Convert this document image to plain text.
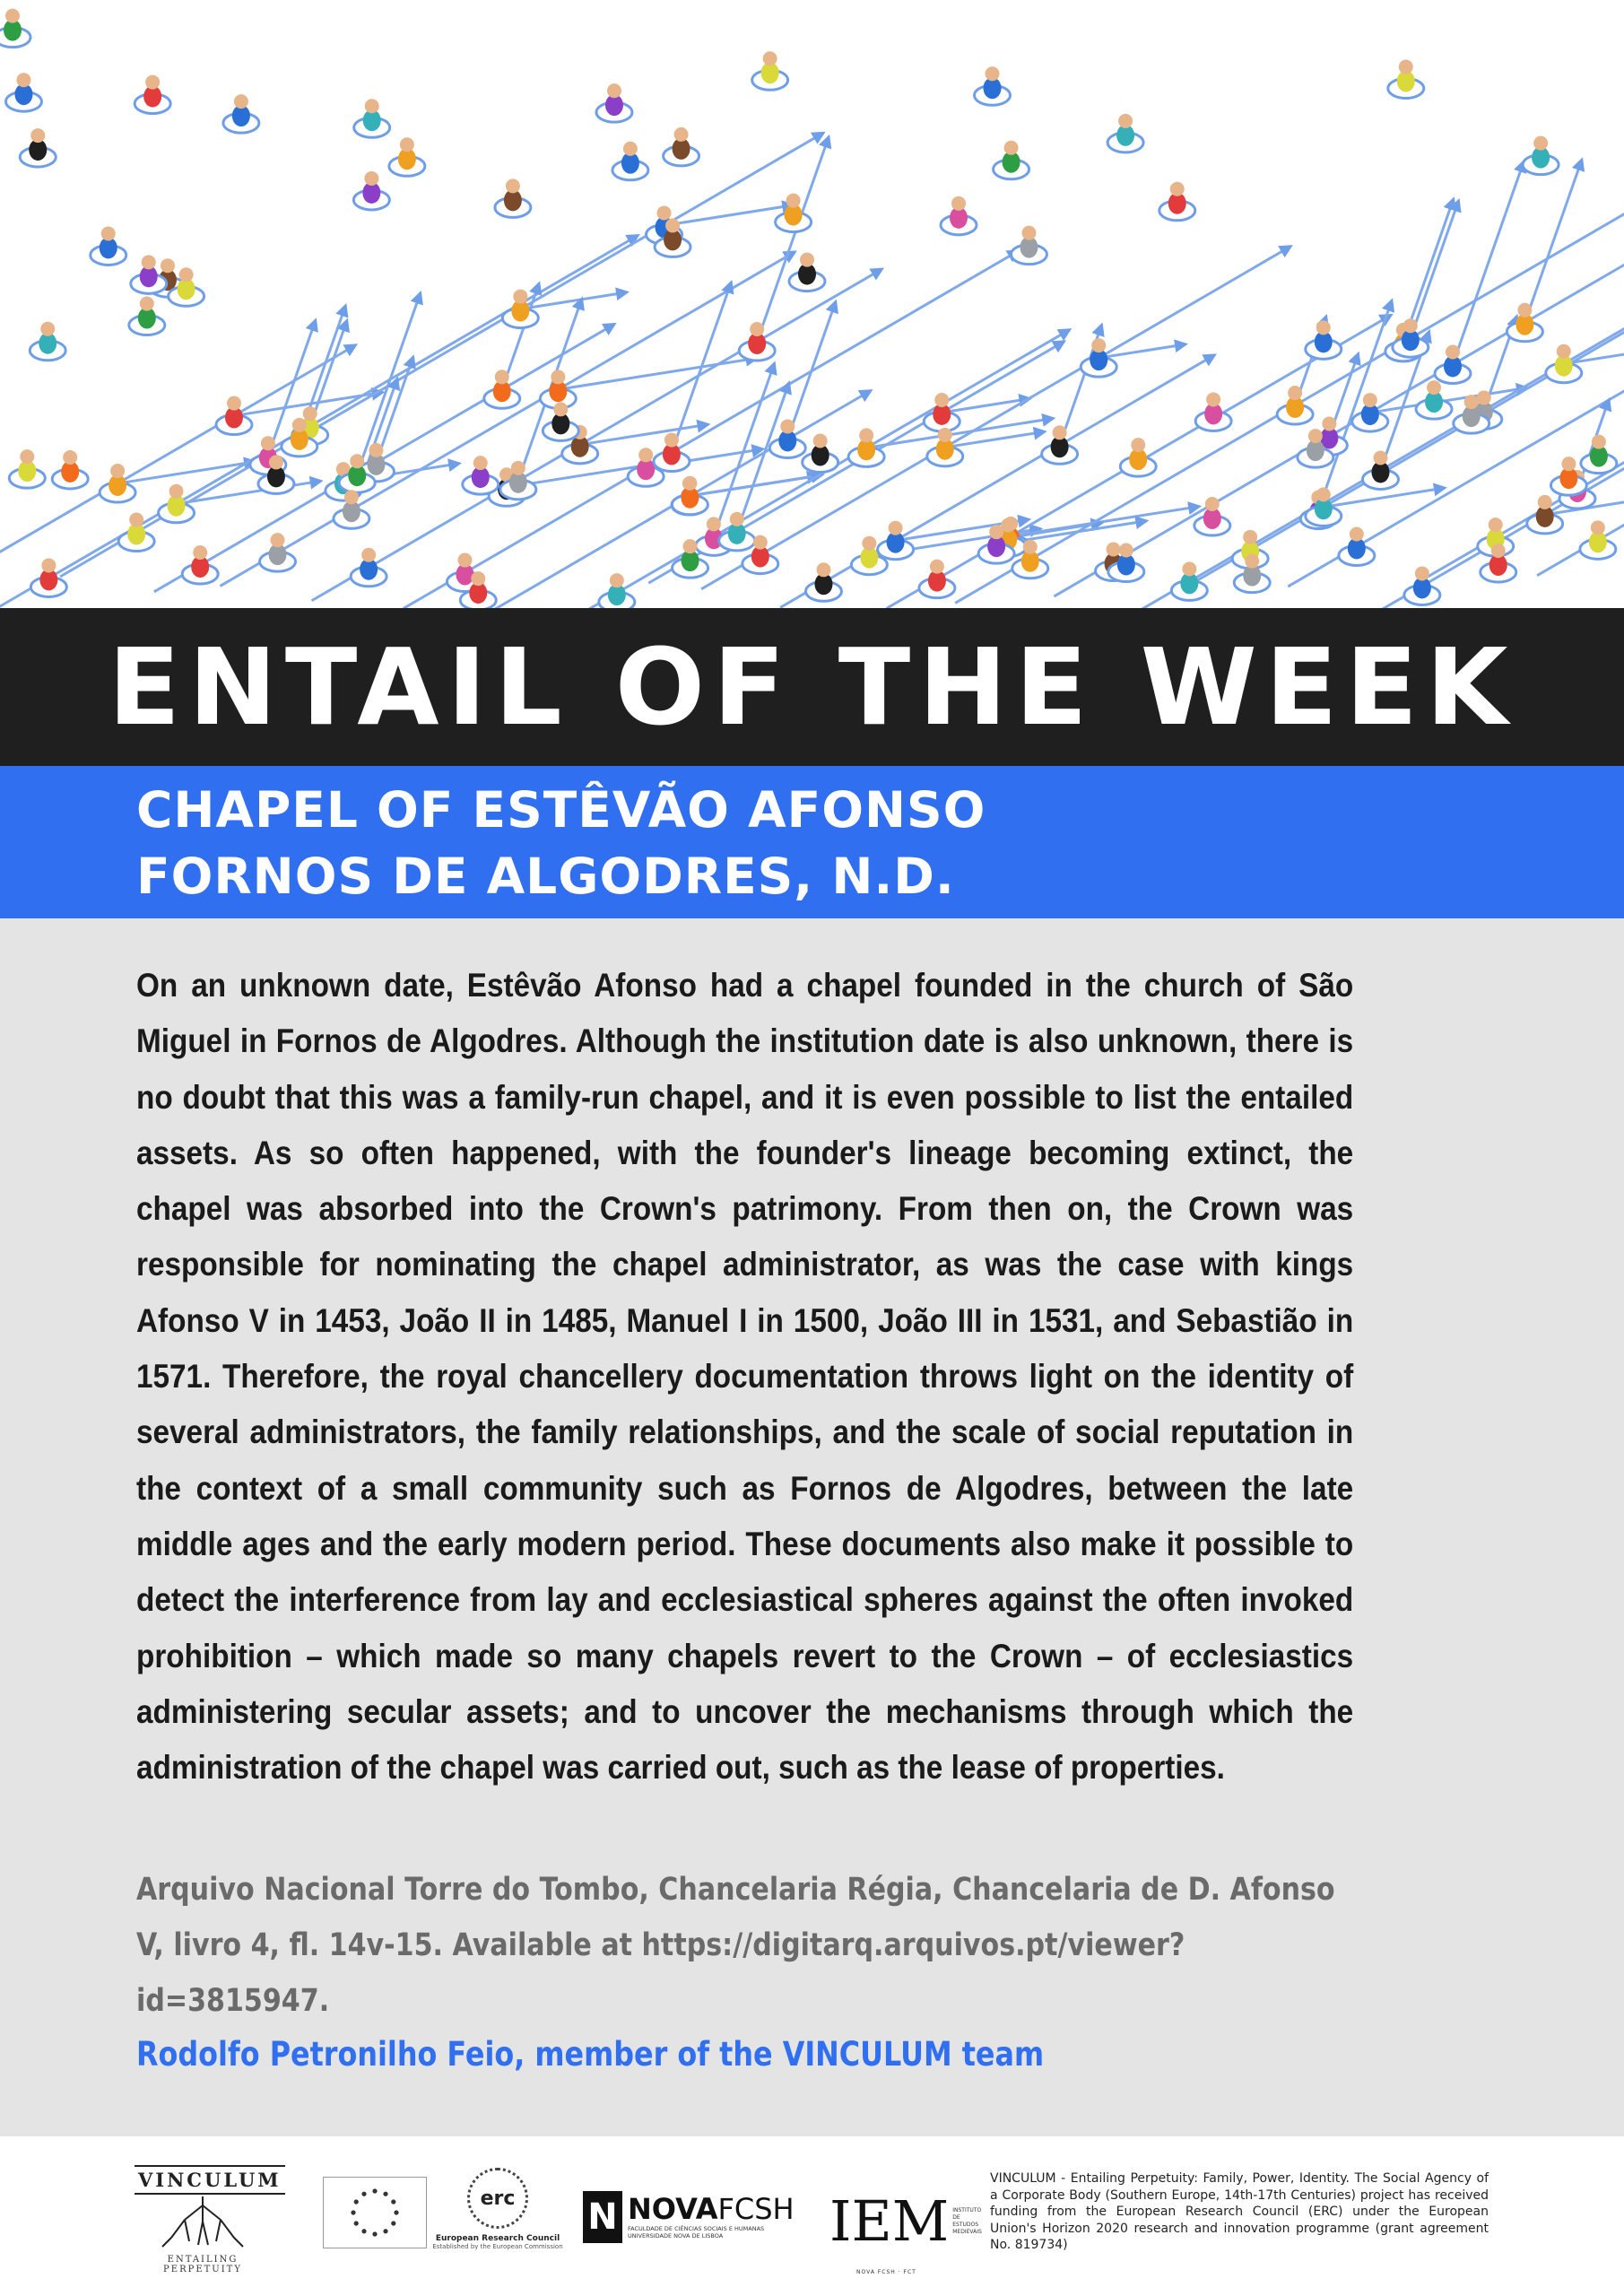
ENTAIL OF THE WEEK
CHAPEL OF ESTÊVÃO AFONSO
FORNOS DE ALGODRES, N.D.

On an unknown date, Estêvão Afonso had a chapel founded in the church of São Miguel in Fornos de Algodres. Although the institution date is also unknown, there is no doubt that this was a family-run chapel, and it is even possible to list the entailed assets. As so often happened, with the founder's lineage becoming extinct, the chapel was absorbed into the Crown's patrimony. From then on, the Crown was responsible for nominating the chapel administrator, as was the case with kings Afonso V in 1453, João II in 1485, Manuel I in 1500, João III in 1531, and Sebastião in 1571. Therefore, the royal chancellery documentation throws light on the identity of several administrators, the family relationships, and the scale of social reputation in the context of a small community such as Fornos de Algodres, between the late middle ages and the early modern period. These documents also make it possible to detect the interference from lay and ecclesiastical spheres against the often invoked prohibition – which made so many chapels revert to the Crown – of ecclesiastics administering secular assets; and to uncover the mechanisms through which the administration of the chapel was carried out, such as the lease of properties.

Arquivo Nacional Torre do Tombo, Chancelaria Régia, Chancelaria de D. Afonso V, livro 4, fl. 14v-15. Available at https://digitarq.arquivos.pt/viewer?id=3815947.

Rodolfo Petronilho Feio, member of the VINCULUM team

VINCULUM
ENTAILING PERPETUITY
erc
European Research Council
Established by the European Commission
N NOVAFCSH
FACULDADE DE CIÊNCIAS SOCIAIS E HUMANAS
UNIVERSIDADE NOVA DE LISBOA	IEM INSTITUTO DE
ESTUDOS MEDIEVAIS
NOVA FCSH · FCT

VINCULUM - Entailing Perpetuity: Family, Power, Identity. The Social Agency of a Corporate Body (Southern Europe, 14th-17th Centuries) project has received funding from the European Research Council (ERC) under the European Union's Horizon 2020 research and innovation programme (grant agreement No. 819734)
